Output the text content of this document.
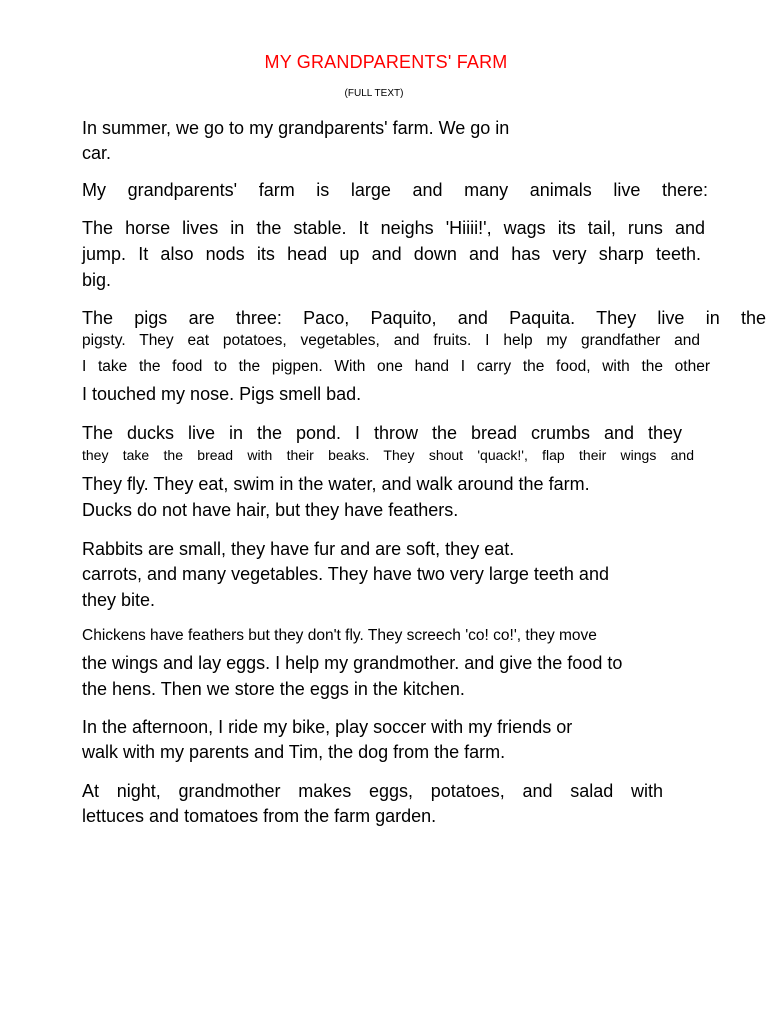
MY GRANDPARENTS' FARM
(FULL TEXT)
In summer, we go to my grandparents' farm. We go in
car.
My grandparents' farm is large and many animals live there:
The horse lives in the stable. It neighs 'Hiiii!', wags its tail, runs and
jump. It also nods its head up and down and has very sharp teeth.
big.
The pigs are three: Paco, Paquito, and Paquita. They live in the
pigsty. They eat potatoes, vegetables, and fruits. I help my grandfather and
I take the food to the pigpen. With one hand I carry the food, with the other
I touched my nose. Pigs smell bad.
The ducks live in the pond. I throw the bread crumbs and they
they take the bread with their beaks. They shout 'quack!', flap their wings and
They fly. They eat, swim in the water, and walk around the farm.
Ducks do not have hair, but they have feathers.
Rabbits are small, they have fur and are soft, they eat.
carrots, and many vegetables. They have two very large teeth and
they bite.
Chickens have feathers but they don't fly. They screech 'co! co!', they move
the wings and lay eggs. I help my grandmother. and give the food to
the hens. Then we store the eggs in the kitchen.
In the afternoon, I ride my bike, play soccer with my friends or
walk with my parents and Tim, the dog from the farm.
At night, grandmother makes eggs, potatoes, and salad with
lettuces and tomatoes from the farm garden.
